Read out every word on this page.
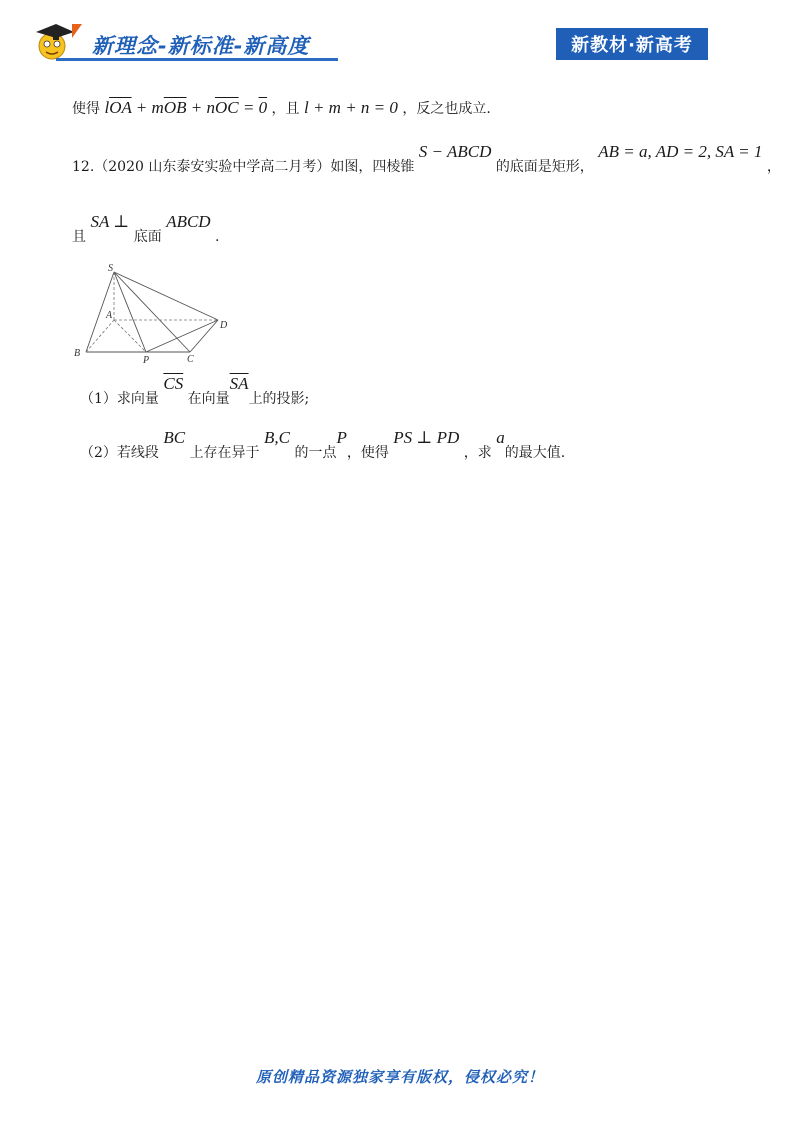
新理念-新标准-新高度	新教材·新高考
使得 $l\overline{OA} + m\overline{OB} + n\overline{OC} = 0$ ，且 l + m + n = 0 ，反之也成立.
12.（2020 山东泰安实验中学高二月考）如图，四棱锥 S − ABCD 的底面是矩形， AB = a, AD = 2, SA = 1 ，
且 SA ⊥ 底面 ABCD .
S
A
B
P	C
D
（1）求向量 $\overline{CS}$ 在向量$\overline{SA}$上的投影;
（2）若线段 BC 上存在异于 B,C 的一点P，使得 PS ⊥ PD ，求 a的最大值.
原创精品资源独家享有版权，侵权必究！
